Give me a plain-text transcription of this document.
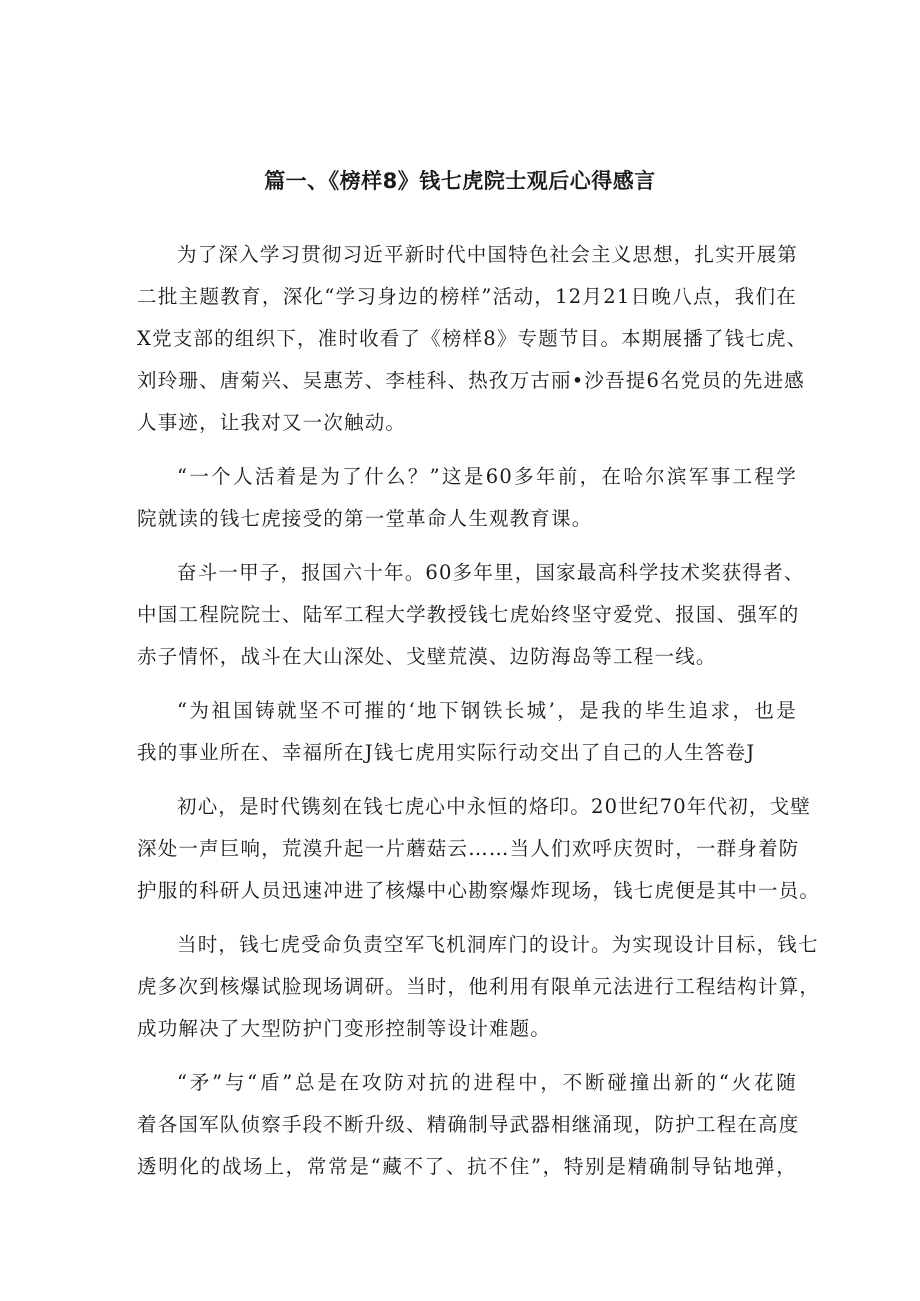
篇一、《榜样8》钱七虎院士观后心得感言
为了深入学习贯彻习近平新时代中国特色社会主义思想，扎实开展第
二批主题教育，深化“学习身边的榜样”活动，12月21日晚八点，我们在
X党支部的组织下，准时收看了《榜样8》专题节目。本期展播了钱七虎、
刘玲珊、唐菊兴、吴惠芳、李桂科、热孜万古丽•沙吾提6名党员的先进感
人事迹，让我对又一次触动。
“一个人活着是为了什么？”这是60多年前，在哈尔滨军事工程学
院就读的钱七虎接受的第一堂革命人生观教育课。
奋斗一甲子，报国六十年。60多年里，国家最高科学技术奖获得者、
中国工程院院士、陆军工程大学教授钱七虎始终坚守爱党、报国、强军的
赤子情怀，战斗在大山深处、戈壁荒漠、边防海岛等工程一线。
“为祖国铸就坚不可摧的‘地下钢铁长城’，是我的毕生追求，也是
我的事业所在、幸福所在J钱七虎用实际行动交出了自己的人生答卷J
初心，是时代镌刻在钱七虎心中永恒的烙印。20世纪70年代初，戈壁
深处一声巨响，荒漠升起一片蘑菇云……当人们欢呼庆贺时，一群身着防
护服的科研人员迅速冲进了核爆中心勘察爆炸现场，钱七虎便是其中一员。
当时，钱七虎受命负责空军飞机洞库门的设计。为实现设计目标，钱七
虎多次到核爆试脸现场调研。当时，他利用有限单元法进行工程结构计算，
成功解决了大型防护门变形控制等设计难题。
“矛”与“盾”总是在攻防对抗的进程中，不断碰撞出新的“火花随
着各国军队侦察手段不断升级、精确制导武器相继涌现，防护工程在高度
透明化的战场上，常常是“藏不了、抗不住”，特别是精确制导钻地弹，
